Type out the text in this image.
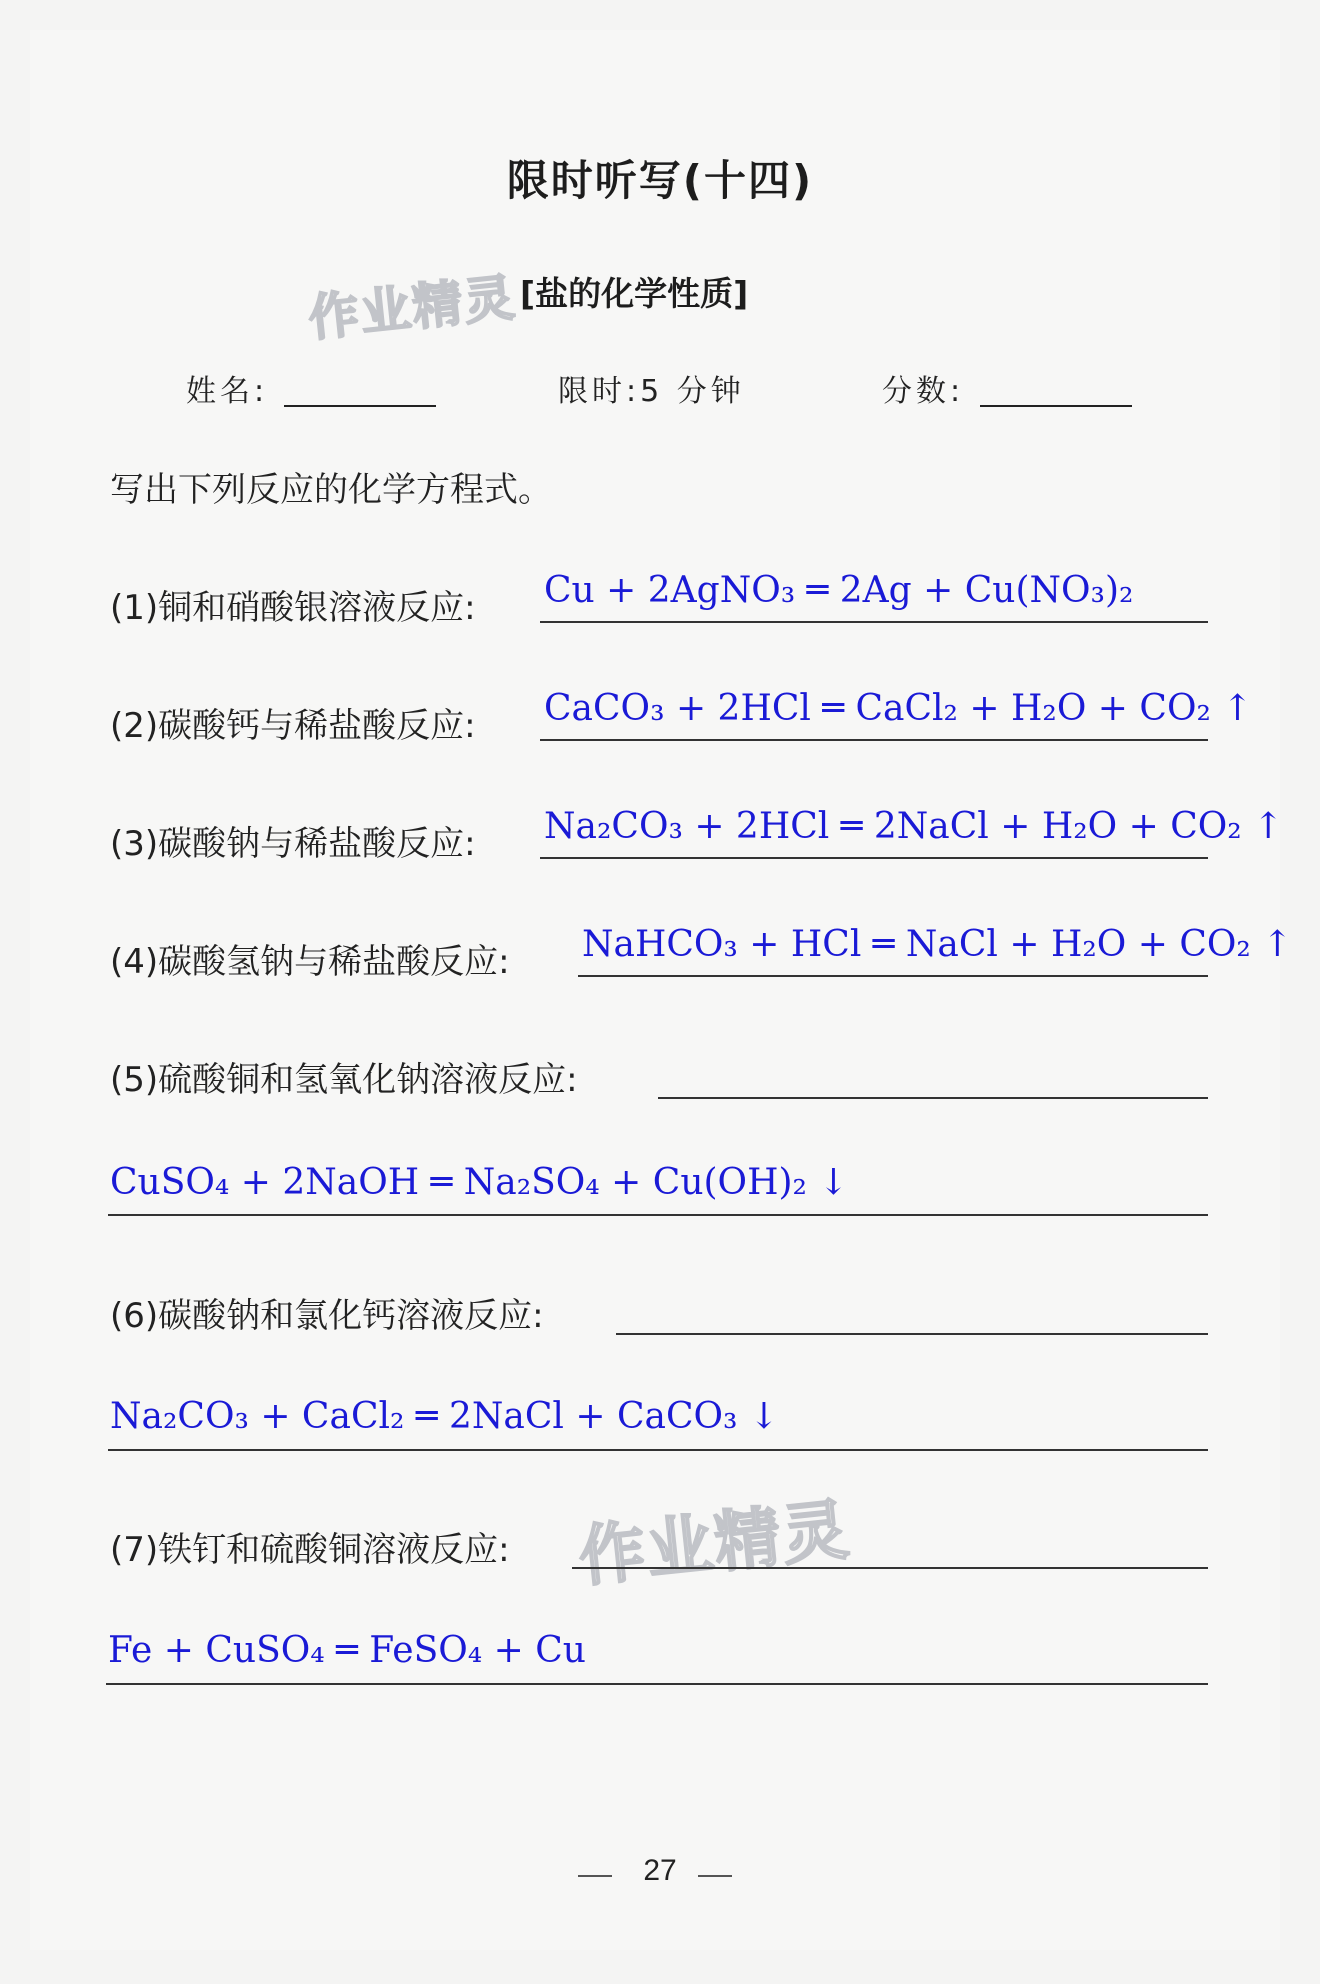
限时听写(十四)
作业精灵 [盐的化学性质]
姓名:	限时:5 分钟	分数:
写出下列反应的化学方程式。
(1)铜和硝酸银溶液反应: Cu + 2AgNO₃ ═ 2Ag + Cu(NO₃)₂
(2)碳酸钙与稀盐酸反应: CaCO₃ + 2HCl ═ CaCl₂ + H₂O + CO₂ ↑
(3)碳酸钠与稀盐酸反应: Na₂CO₃ + 2HCl ═ 2NaCl + H₂O + CO₂ ↑
(4)碳酸氢钠与稀盐酸反应: NaHCO₃ + HCl ═ NaCl + H₂O + CO₂ ↑
(5)硫酸铜和氢氧化钠溶液反应:
CuSO₄ + 2NaOH ═ Na₂SO₄ + Cu(OH)₂ ↓
(6)碳酸钠和氯化钙溶液反应:
Na₂CO₃ + CaCl₂ ═ 2NaCl + CaCO₃ ↓
(7)铁钉和硫酸铜溶液反应: 作业精灵
Fe + CuSO₄ ═ FeSO₄ + Cu
27
